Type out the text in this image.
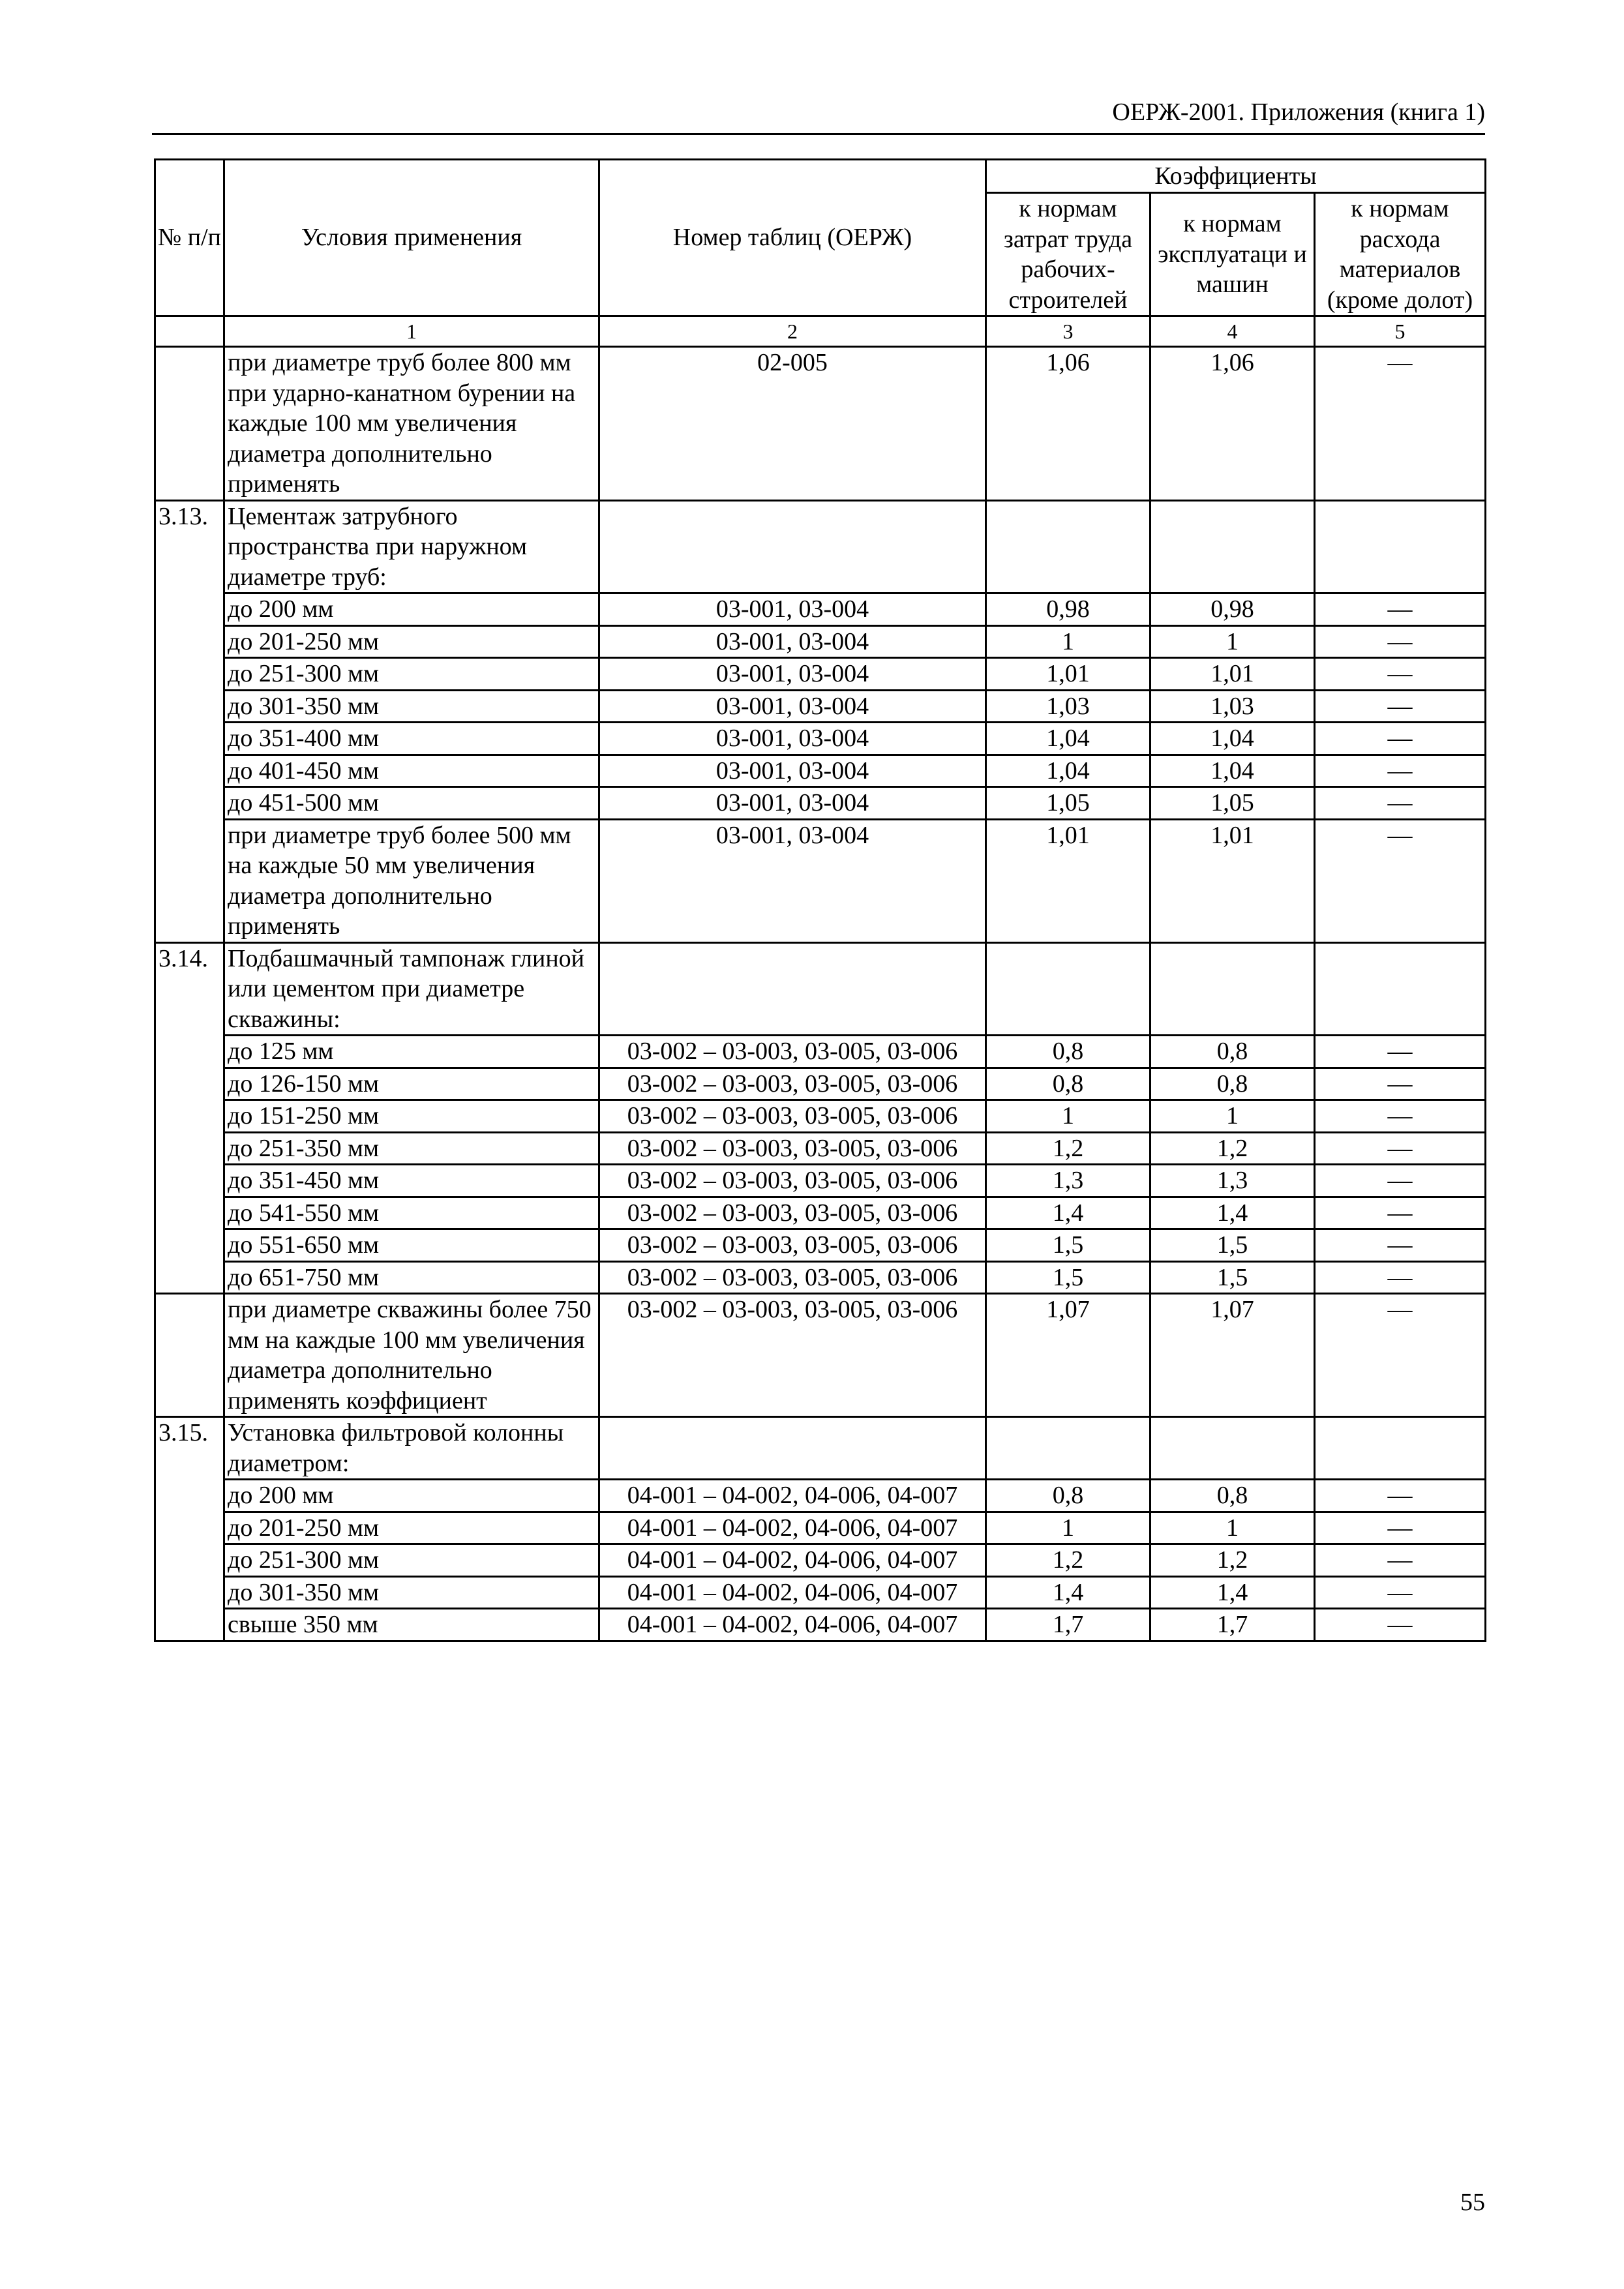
ОЕРЖ-2001. Приложения (книга 1)
№ п/п	Условия применения	Номер таблиц (ОЕРЖ)	Коэффициенты		
			к нормам затрат труда рабочих-строителей	к нормам эксплуатаци и машин	к нормам расхода материалов (кроме долот)
	1	2	3	4	5
	при диаметре труб более 800 мм при ударно-канатном бурении на каждые 100 мм увеличения диаметра дополнительно применять	02-005	1,06	1,06	—
3.13.	Цементаж затрубного пространства при наружном диаметре труб:				
	до 200 мм	03-001, 03-004	0,98	0,98	—
	до 201-250 мм	03-001, 03-004	1	1	—
	до 251-300 мм	03-001, 03-004	1,01	1,01	—
	до 301-350 мм	03-001, 03-004	1,03	1,03	—
	до 351-400 мм	03-001, 03-004	1,04	1,04	—
	до 401-450 мм	03-001, 03-004	1,04	1,04	—
	до 451-500 мм	03-001, 03-004	1,05	1,05	—
	при диаметре труб более 500 мм на каждые 50 мм увеличения диаметра дополнительно применять	03-001, 03-004	1,01	1,01	—
3.14.	Подбашмачный тампонаж глиной или цементом при диаметре скважины:				
	до 125 мм	03-002 – 03-003, 03-005, 03-006	0,8	0,8	—
	до 126-150 мм	03-002 – 03-003, 03-005, 03-006	0,8	0,8	—
	до 151-250 мм	03-002 – 03-003, 03-005, 03-006	1	1	—
	до 251-350 мм	03-002 – 03-003, 03-005, 03-006	1,2	1,2	—
	до 351-450 мм	03-002 – 03-003, 03-005, 03-006	1,3	1,3	—
	до 541-550 мм	03-002 – 03-003, 03-005, 03-006	1,4	1,4	—
	до 551-650 мм	03-002 – 03-003, 03-005, 03-006	1,5	1,5	—
	до 651-750 мм	03-002 – 03-003, 03-005, 03-006	1,5	1,5	—
	при диаметре скважины более 750 мм на каждые 100 мм увеличения диаметра дополнительно применять коэффициент	03-002 – 03-003, 03-005, 03-006	1,07	1,07	—
3.15.	Установка фильтровой колонны диаметром:				
	до 200 мм	04-001 – 04-002, 04-006, 04-007	0,8	0,8	—
	до 201-250 мм	04-001 – 04-002, 04-006, 04-007	1	1	—
	до 251-300 мм	04-001 – 04-002, 04-006, 04-007	1,2	1,2	—
	до 301-350 мм	04-001 – 04-002, 04-006, 04-007	1,4	1,4	—
	свыше 350 мм	04-001 – 04-002, 04-006, 04-007	1,7	1,7	—
55
